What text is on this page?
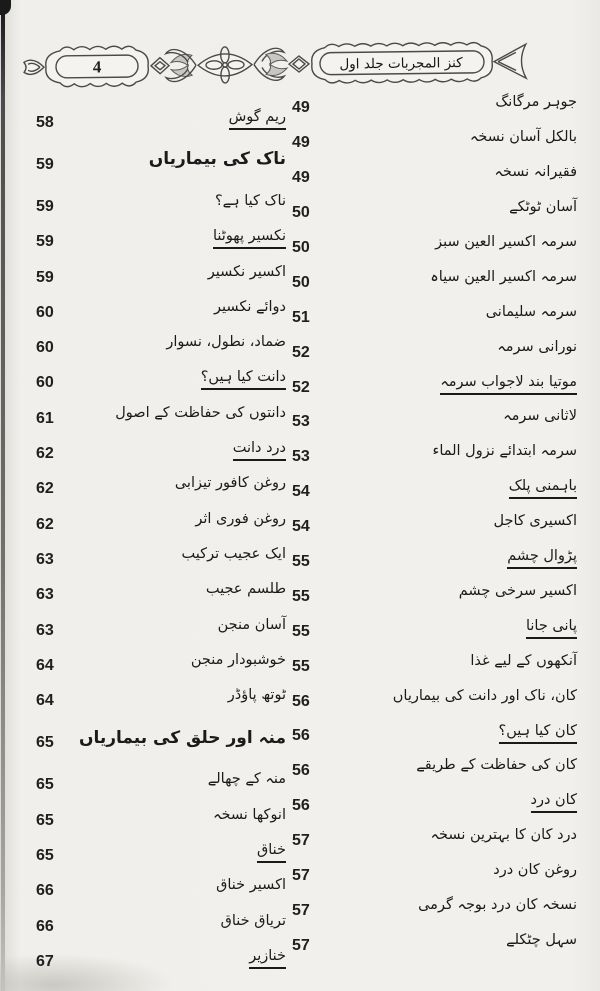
4	کنز المجربات جلد اول
58	ریم گوش
59	ناک کی بیماریاں
59	ناک کیا ہے؟
59	نکسیر پھوٹنا
59	اکسیر نکسیر
60	دوائے نکسیر
60	ضماد، نطول، نسوار
60	دانت کیا ہیں؟
61	دانتوں کی حفاظت کے اصول
62	درد دانت
62	روغن کافور تیزابی
62	روغن فوری اثر
63	ایک عجیب ترکیب
63	طلسم عجیب
63	آسان منجن
64	خوشبودار منجن
64	ٹوتھ پاؤڈر
65	منہ اور حلق کی بیماریاں
65	منہ کے چھالے
65	انوکھا نسخہ
65	خناق
66	اکسیر خناق
66	تریاق خناق
67	خنازیر
49	جوہر مرگانگ
49	بالکل آسان نسخہ
49	فقیرانہ نسخہ
50	آسان ٹوٹکے
50	سرمہ اکسیر العین سبز
50	سرمہ اکسیر العین سیاہ
51	سرمہ سلیمانی
52	نورانی سرمہ
52	موتیا بند لاجواب سرمہ
53	لاثانی سرمہ
53	سرمہ ابتدائے نزول الماء
54	باہمنی پلک
54	اکسیری کاجل
55	پڑوال چشم
55	اکسیر سرخی چشم
55	پانی جانا
55	آنکھوں کے لیے غذا
56	کان، ناک اور دانت کی بیماریاں
56	کان کیا ہیں؟
56	کان کی حفاظت کے طریقے
56	کان درد
57	درد کان کا بہترین نسخہ
57	روغن کان درد
57	نسخہ کان درد بوجہ گرمی
57	سہل چٹکلے
